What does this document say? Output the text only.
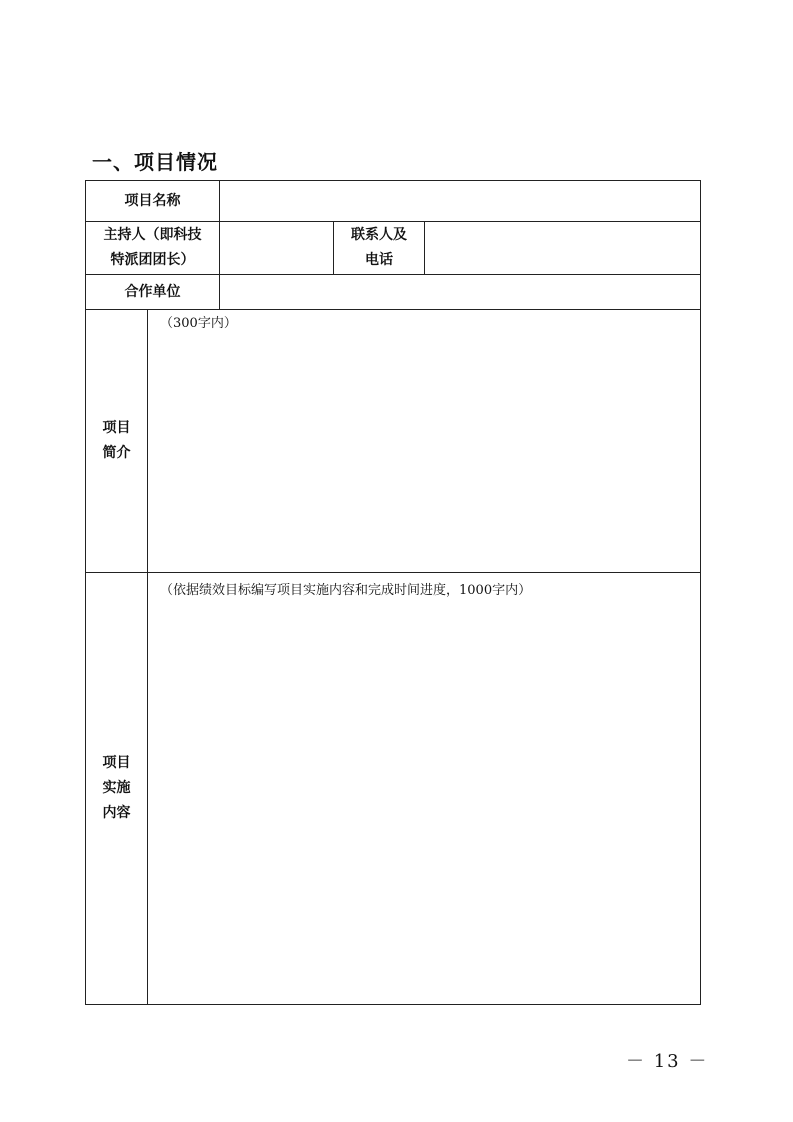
一、项目情况
项目名称
主持人（即科技
特派团团长）
联系人及
电话
合作单位
项目
简介
（300字内）
项目
实施
内容
（依据绩效目标编写项目实施内容和完成时间进度，1000字内）
－ 13 －
